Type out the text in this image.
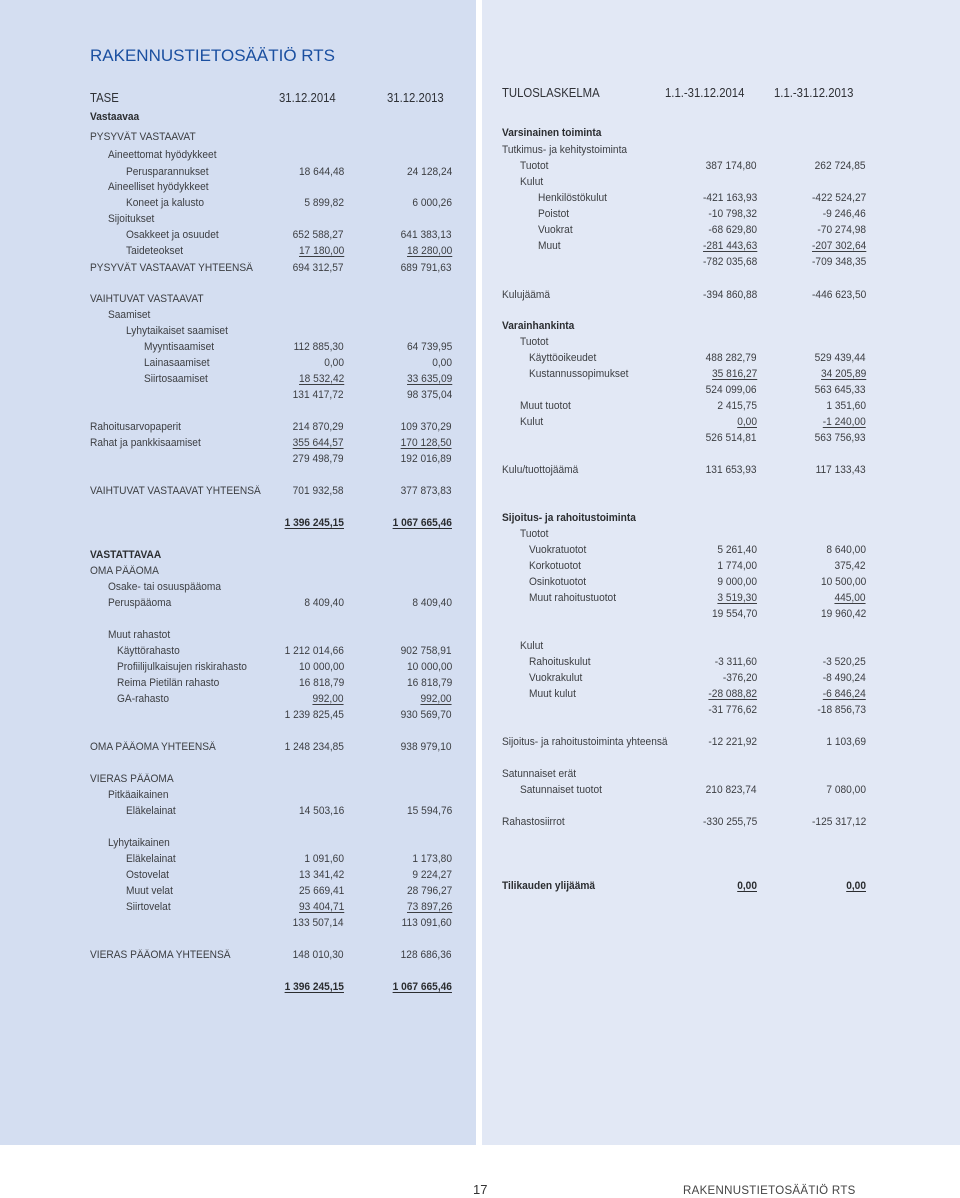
RAKENNUSTIETOSÄÄTIÖ RTS
TASE	31.12.2014	31.12.2013	TULOSLASKELMA	1.1.-31.12.2014 1.1.-31.12.2013
Vastaavaa
PYSYVÄT VASTAAVAT
Aineettomat hyödykkeet
Perusparannukset	18 644,48	24 128,24
Aineelliset hyödykkeet
Koneet ja kalusto	5 899,82	6 000,26
Sijoitukset
Osakkeet ja osuudet	652 588,27	641 383,13
Taideteokset	17 180,00	18 280,00
PYSYVÄT VASTAAVAT YHTEENSÄ	694 312,57	689 791,63
VAIHTUVAT VASTAAVAT
Saamiset
Lyhytaikaiset saamiset
Myyntisaamiset	112 885,30	64 739,95
Lainasaamiset	0,00	0,00
Siirtosaamiset	18 532,42	33 635,09
131 417,72	98 375,04
Rahoitusarvopaperit	214 870,29	109 370,29
Rahat ja pankkisaamiset	355 644,57	170 128,50
279 498,79	192 016,89
VAIHTUVAT VASTAAVAT YHTEENSÄ	701 932,58	377 873,83
1 396 245,15	1 067 665,46
VASTATTAVAA
OMA PÄÄOMA
Osake- tai osuuspääoma
Peruspääoma	8 409,40	8 409,40
Muut rahastot
Käyttörahasto	1 212 014,66	902 758,91
Profiilijulkaisujen riskirahasto	10 000,00	10 000,00
Reima Pietilän rahasto	16 818,79	16 818,79
GA-rahasto	992,00	992,00
1 239 825,45	930 569,70
OMA PÄÄOMA YHTEENSÄ	1 248 234,85	938 979,10
VIERAS PÄÄOMA
Pitkäaikainen
Eläkelainat	14 503,16	15 594,76
Lyhytaikainen
Eläkelainat	1 091,60	1 173,80
Ostovelat	13 341,42	9 224,27
Muut velat	25 669,41	28 796,27
Siirtovelat	93 404,71	73 897,26
133 507,14	113 091,60
VIERAS PÄÄOMA YHTEENSÄ	148 010,30	128 686,36
1 396 245,15	1 067 665,46
Varsinainen toiminta
Tutkimus- ja kehitystoiminta
Tuotot	387 174,80	262 724,85
Kulut
Henkilöstökulut	-421 163,93	-422 524,27
Poistot	-10 798,32	-9 246,46
Vuokrat	-68 629,80	-70 274,98
Muut	-281 443,63	-207 302,64
-782 035,68	-709 348,35
Kulujäämä	-394 860,88	-446 623,50
Varainhankinta
Tuotot
Käyttöoikeudet	488 282,79	529 439,44
Kustannussopimukset	35 816,27	34 205,89
524 099,06	563 645,33
Muut tuotot	2 415,75	1 351,60
Kulut	0,00	-1 240,00
526 514,81	563 756,93
Kulu/tuottojäämä	131 653,93	117 133,43
Sijoitus- ja rahoitustoiminta
Tuotot
Vuokratuotot	5 261,40	8 640,00
Korkotuotot	1 774,00	375,42
Osinkotuotot	9 000,00	10 500,00
Muut rahoitustuotot	3 519,30	445,00
19 554,70	19 960,42
Kulut
Rahoituskulut	-3 311,60	-3 520,25
Vuokrakulut	-376,20	-8 490,24
Muut kulut	-28 088,82	-6 846,24
-31 776,62	-18 856,73
Sijoitus- ja rahoitustoiminta yhteensä	-12 221,92	1 103,69
Satunnaiset erät
Satunnaiset tuotot	210 823,74	7 080,00
Rahastosiirrot	-330 255,75	-125 317,12
Tilikauden ylijäämä	0,00	0,00
17	RAKENNUSTIETOSÄÄTIÖ RTS
